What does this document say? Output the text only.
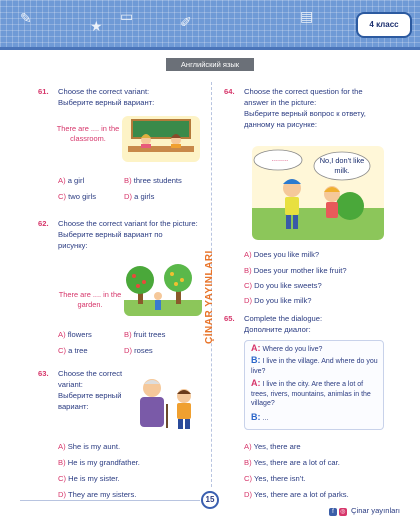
✎	★
▭	✐	▤
4 класс
Английский язык
ÇİNAR YAYINLARI
61. Choose the correct variant:
Выберите верный вариант:
There are .... in the classroom.
A) a girl	B) three students
C) two girls	D) a girls
62. Choose the correct variant for the picture:
Выберите верный вариант по рисунку:
There are .... in the garden.
A) flowers	B) fruit trees
C) a tree	D) roses
63. Choose the correct variant:
Выберите верный вариант:
A) She is my aunt.
B) He is my grandfather.
C) He is my sister.
D) They are my sisters.
64. Choose the correct question for the answer in the picture:
Выберите верный вопрос к ответу, данному на рисунке:
........	No,I don't like milk.
A) Does you like milk?
B) Does your mother like fruit?
C) Do you like sweets?
D) Do you like milk?
65. Complete the dialogue:
Дополните диалог:
A: Where do you live?
B: I live in the village. And where do you live?
A: I live in the city. Are there a lot of trees, rivers, mountains, animlas in the village?
B: ...
A) Yes, there are
B) Yes, there are a lot of car.
C) Yes, there isn’t.
D) Yes, there are a lot of parks.
15
f ◎ Çinar yayınları
